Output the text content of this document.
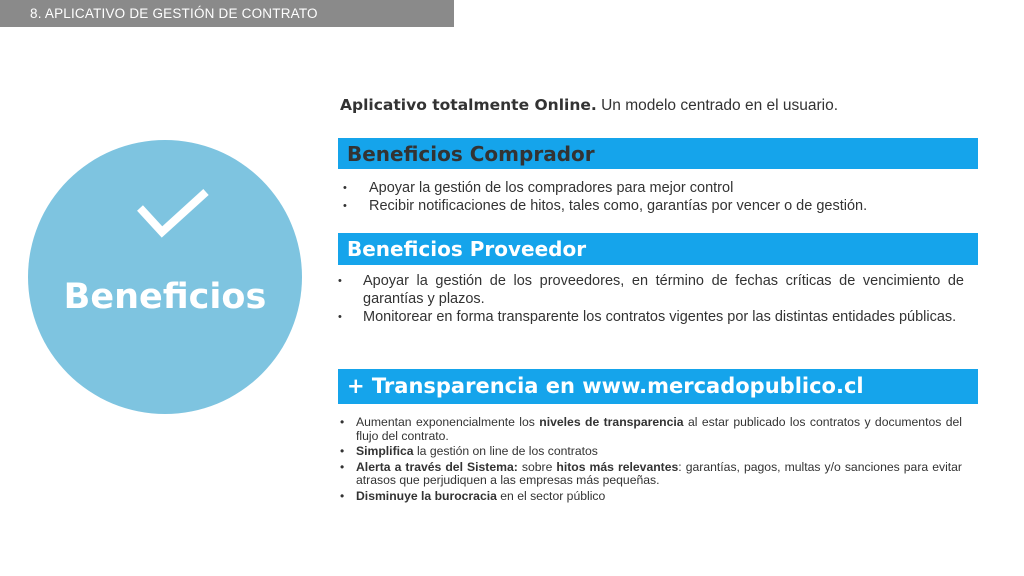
8. APLICATIVO DE GESTIÓN DE CONTRATO
Beneficios
Aplicativo totalmente Online. Un modelo centrado en el usuario.
Beneficios Comprador
• Apoyar la gestión de los compradores para mejor control
• Recibir notificaciones de hitos, tales como, garantías por vencer o de gestión.
Beneficios Proveedor
• Apoyar la gestión de los proveedores, en término de fechas críticas de vencimiento de garantías y plazos.
• Monitorear en forma transparente los contratos vigentes por las distintas entidades públicas.
+ Transparencia en www.mercadopublico.cl
• Aumentan exponencialmente los niveles de transparencia al estar publicado los contratos y documentos del flujo del contrato.
• Simplifica la gestión on line de los contratos
• Alerta a través del Sistema: sobre hitos más relevantes: garantías, pagos, multas y/o sanciones para evitar atrasos que perjudiquen a las empresas más pequeñas.
• Disminuye la burocracia en el sector público
